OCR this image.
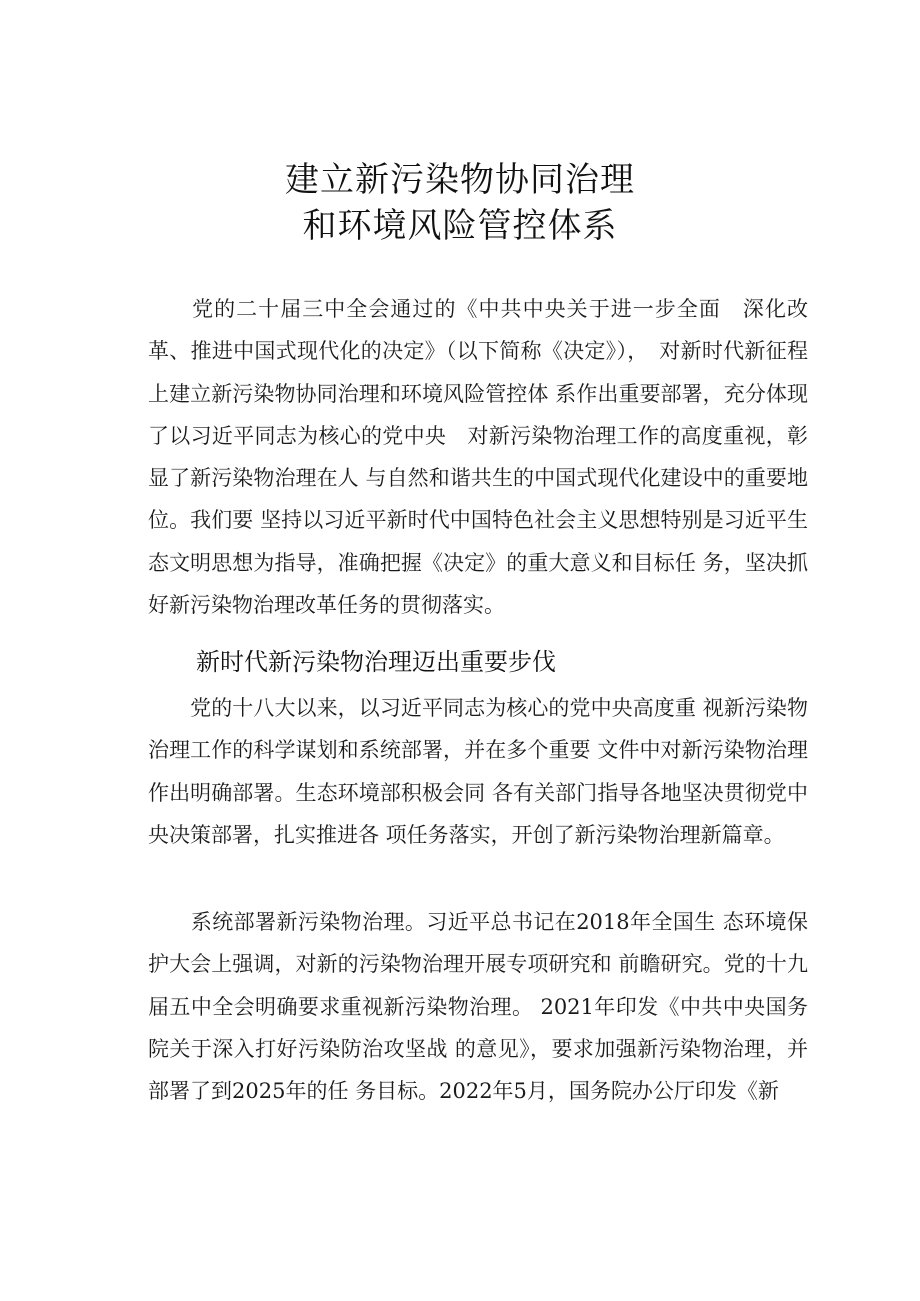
建立新污染物协同治理
和环境风险管控体系

　　党的二十届三中全会通过的《中共中央关于进一步全面　深化改革、推进中国式现代化的决定》（以下简称《决定》），　对新时代新征程上建立新污染物协同治理和环境风险管控体 系作出重要部署，充分体现了以习近平同志为核心的党中央　对新污染物治理工作的高度重视，彰显了新污染物治理在人 与自然和谐共生的中国式现代化建设中的重要地位。我们要 坚持以习近平新时代中国特色社会主义思想特别是习近平生 态文明思想为指导，准确把握《决定》的重大意义和目标任 务，坚决抓好新污染物治理改革任务的贯彻落实。

新时代新污染物治理迈出重要步伐

　　党的十八大以来，以习近平同志为核心的党中央高度重 视新污染物治理工作的科学谋划和系统部署，并在多个重要 文件中对新污染物治理作出明确部署。生态环境部积极会同 各有关部门指导各地坚决贯彻党中央决策部署，扎实推进各 项任务落实，开创了新污染物治理新篇章。

　　系统部署新污染物治理。习近平总书记在2018年全国生 态环境保护大会上强调，对新的污染物治理开展专项研究和 前瞻研究。党的十九届五中全会明确要求重视新污染物治理。 2021年印发《中共中央国务院关于深入打好污染防治攻坚战 的意见》，要求加强新污染物治理，并部署了到2025年的任 务目标。2022年5月，国务院办公厅印发《新
